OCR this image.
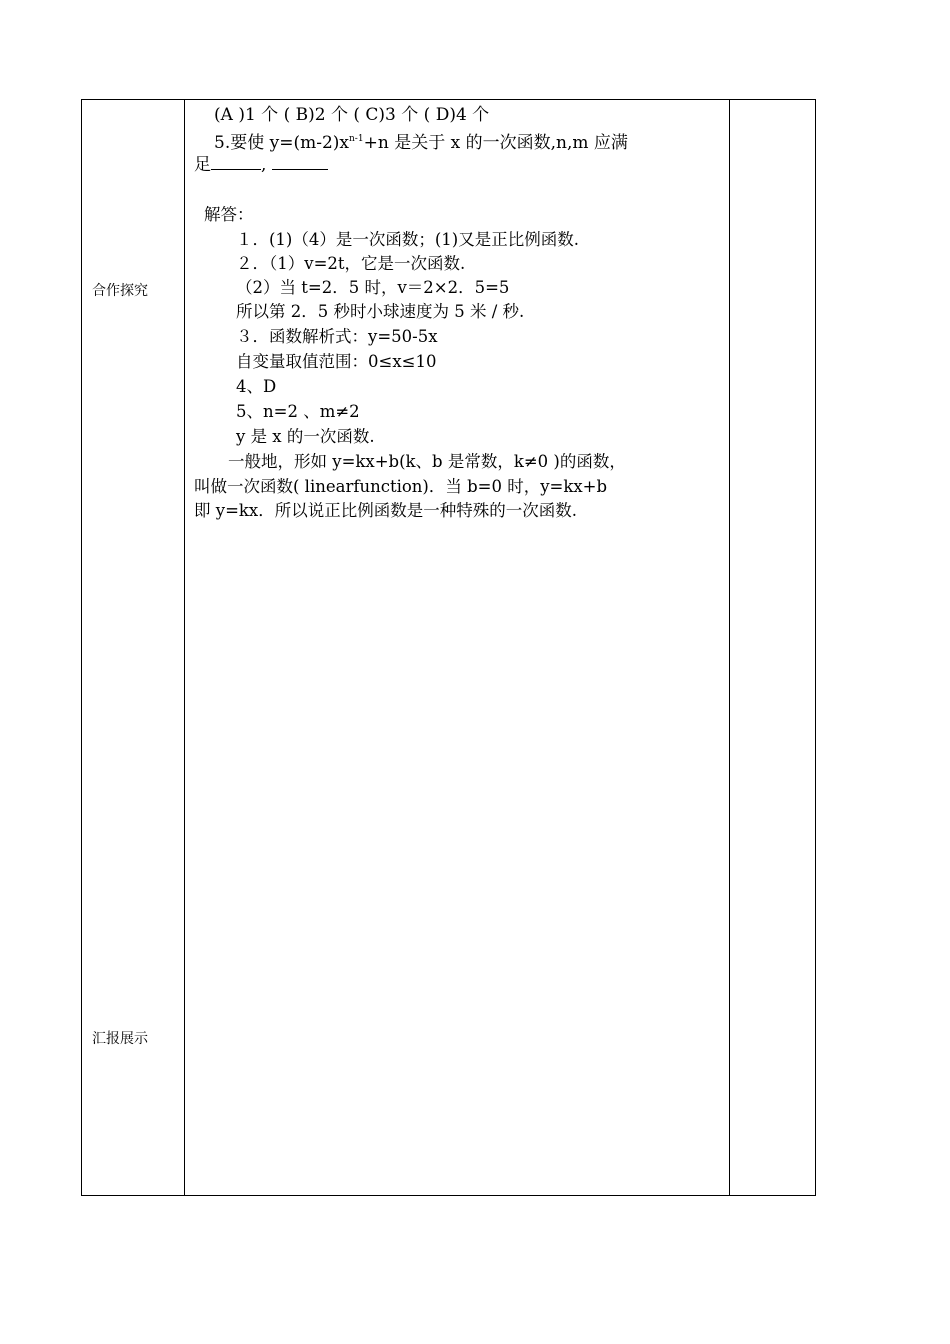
合作探究
汇报展示
(A )1 个 ( B)2 个 ( C)3 个 ( D)4 个
5.要使 $y=(m-2)x^{n-1}+n$ 是关于 x 的一次函数,n,m 应满
足	,
解答：
１．(1)（4）是一次函数；(1)又是正比例函数.
２．（1）v=2t，它是一次函数.
（2）当 t=2．5 时，v＝2×2．5=5
所以第 2．5 秒时小球速度为 5 米 / 秒.
３．函数解析式：y=50-5x
自变量取值范围：0≤x≤10
4、D
5、n=2 、m≠2
y 是 x 的一次函数.
一般地，形如 y=kx+b(k、b 是常数，k≠0 )的函数，
叫做一次函数( linearfunction)．当 b=0 时，y=kx+b
即 y=kx．所以说正比例函数是一种特殊的一次函数.
